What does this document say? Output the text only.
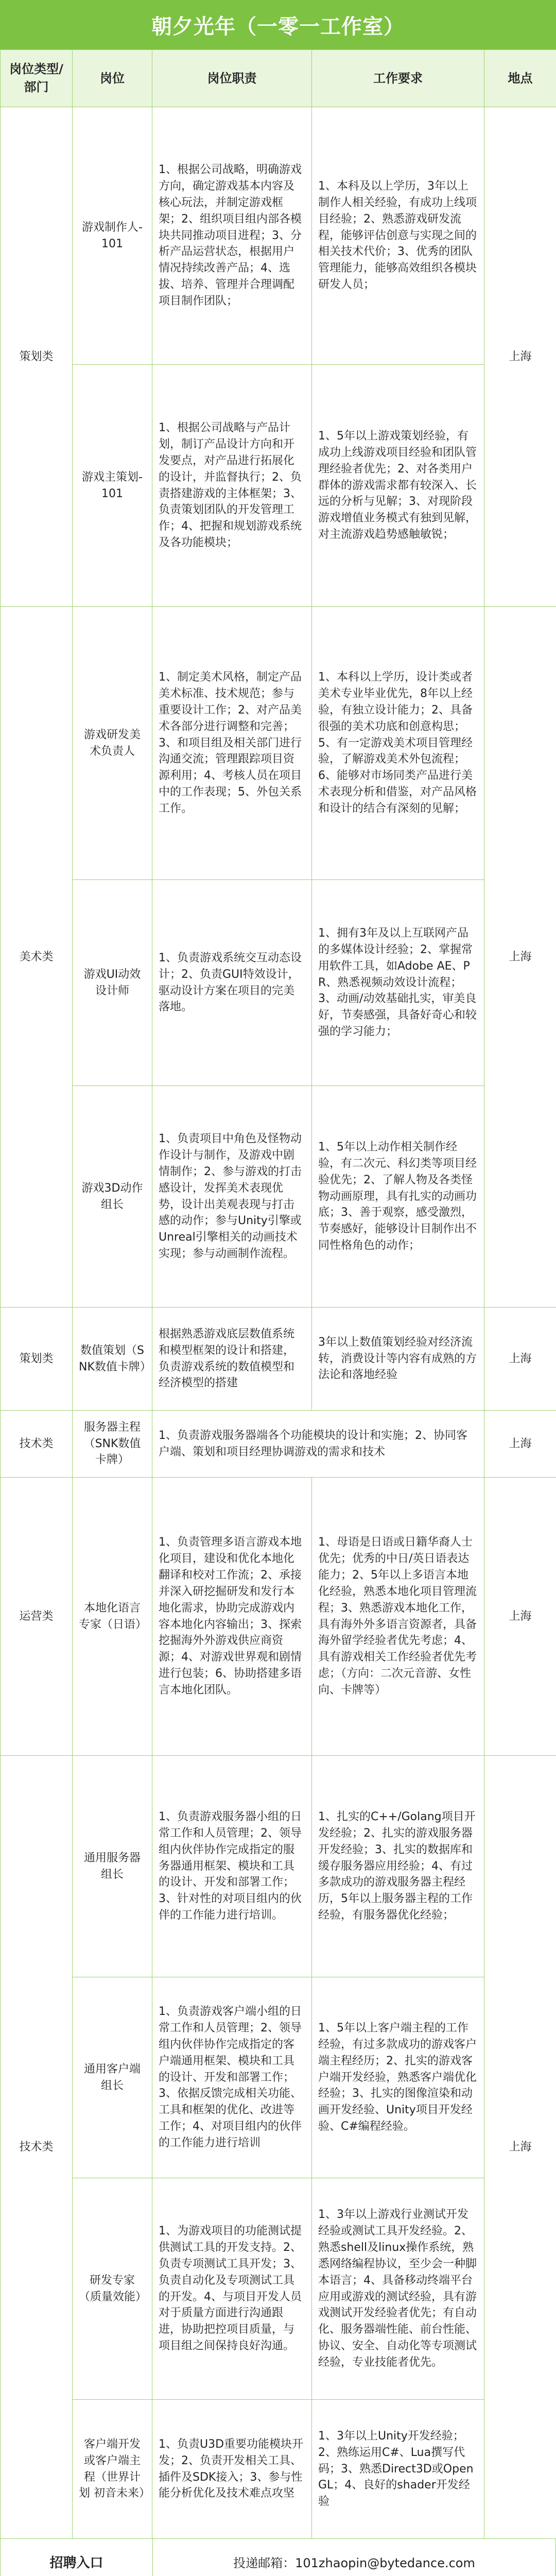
朝夕光年（一零一工作室）
岗位类型/部门	岗位	岗位职责	工作要求	地点
策划类	游戏制作人-101	1、根据公司战略，明确游戏方向，确定游戏基本内容及核心玩法，并制定游戏框架；2、组织项目组内部各模块共同推动项目进程；3、分析产品运营状态，根据用户情况持续改善产品；4、选拔、培养、管理并合理调配项目制作团队；	1、本科及以上学历，3年以上制作人相关经验，有成功上线项目经验；2、熟悉游戏研发流程，能够评估创意与实现之间的相关技术代价；3、优秀的团队管理能力，能够高效组织各模块研发人员；	上海
	游戏主策划-101	1、根据公司战略与产品计划，制订产品设计方向和开发要点，对产品进行拓展化的设计，并监督执行；2、负责搭建游戏的主体框架；3、负责策划团队的开发管理工作；4、把握和规划游戏系统及各功能模块；	1、5年以上游戏策划经验，有成功上线游戏项目经验和团队管理经验者优先；2、对各类用户群体的游戏需求都有较深入、长远的分析与见解；3、对现阶段游戏增值业务模式有独到见解，对主流游戏趋势感触敏锐；	
美术类	游戏研发美术负责人	1、制定美术风格，制定产品美术标准、技术规范；参与重要设计工作；2、对产品美术各部分进行调整和完善；3、和项目组及相关部门进行沟通交流；管理跟踪项目资源利用；4、考核人员在项目中的工作表现；5、外包关系工作。	1、本科以上学历，设计类或者美术专业毕业优先，8年以上经验，有独立设计能力；2、具备很强的美术功底和创意构思；5、有一定游戏美术项目管理经验，了解游戏美术外包流程；6、能够对市场同类产品进行美术表现分析和借鉴，对产品风格和设计的结合有深刻的见解；	上海
	游戏UI动效设计师	1、负责游戏系统交互动态设计；2、负责GUI特效设计，驱动设计方案在项目的完美落地。	1、拥有3年及以上互联网产品的多媒体设计经验；2、掌握常用软件工具，如Adobe AE、PR、熟悉视频动效设计流程；3、动画/动效基础扎实，审美良好，节奏感强，具备好奇心和较强的学习能力；	
	游戏3D动作组长	1、负责项目中角色及怪物动作设计与制作，及游戏中剧情制作；2、参与游戏的打击感设计，发挥美术表现优势，设计出美观表现与打击感的动作；参与Unity引擎或Unreal引擎相关的动画技术实现；参与动画制作流程。	1、5年以上动作相关制作经验，有二次元、科幻类等项目经验优先；2、了解人物及各类怪物动画原理，具有扎实的动画功底；3、善于观察，感受激烈，节奏感好，能够设计目制作出不同性格角色的动作；	
策划类	数值策划（SNK数值卡牌）	根据熟悉游戏底层数值系统和模型框架的设计和搭建，负责游戏系统的数值模型和经济模型的搭建	3年以上数值策划经验对经济流转，消费设计等内容有成熟的方法论和落地经验	上海
技术类	服务器主程（SNK数值卡牌）	1、负责游戏服务器端各个功能模块的设计和实施；2、协同客户端、策划和项目经理协调游戏的需求和技术		上海
运营类	本地化语言专家（日语）	1、负责管理多语言游戏本地化项目，建设和优化本地化翻译和校对工作流；2、承接并深入研挖掘研发和发行本地化需求，协助完成游戏内容本地化内容输出；3、探索挖掘海外外游戏供应商资源；4、对游戏世界观和剧情进行包装；6、协助搭建多语言本地化团队。	1、母语是日语或日籍华裔人士优先；优秀的中日/英日语表达能力；2、5年以上多语言本地化经验，熟悉本地化项目管理流程；3、熟悉游戏本地化工作，具有海外外多语言资源者，具备海外留学经验者优先考虑；4、具有游戏相关工作经验者优先考虑；（方向：二次元音游、女性向、卡牌等）	上海
技术类	通用服务器组长	1、负责游戏服务器小组的日常工作和人员管理；2、领导组内伙伴协作完成指定的服务器通用框架、模块和工具的设计、开发和部署工作；3、针对性的对项目组内的伙伴的工作能力进行培训。	1、扎实的C++/Golang项目开发经验；2、扎实的游戏服务器开发经验；3、扎实的数据库和缓存服务器应用经验；4、有过多款成功的游戏服务器主程经历，5年以上服务器主程的工作经验，有服务器优化经验；	上海
	通用客户端组长	1、负责游戏客户端小组的日常工作和人员管理；2、领导组内伙伴协作完成指定的客户端通用框架、模块和工具的设计、开发和部署工作；3、依据反馈完成相关功能、工具和框架的优化、改进等工作；4、对项目组内的伙伴的工作能力进行培训	1、5年以上客户端主程的工作经验，有过多款成功的游戏客户端主程经历；2、扎实的游戏客户端开发经验，熟悉客户端优化经验；3、扎实的图像渲染和动画开发经验、Unity项目开发经验、C#编程经验。	
	研发专家（质量效能）	1、为游戏项目的功能测试提供测试工具的开发支持。2、负责专项测试工具开发；3、负责自动化及专项测试工具的开发。4、与项目开发人员对于质量方面进行沟通跟进，协助把控项目质量，与项目组之间保持良好沟通。	1、3年以上游戏行业测试开发经验或测试工具开发经验。2、熟悉shell及linux操作系统，熟悉网络编程协议，至少会一种脚本语言；4、具备移动终端平台应用或游戏的测试经验，具有游戏测试开发经验者优先；有自动化、服务器端性能、前台性能、协议、安全、自动化等专项测试经验，专业技能者优先。	
	客户端开发或客户端主程（世界计划 初音未来）	1、负责U3D重要功能模块开发；2、负责开发相关工具、插件及SDK接入；3、参与性能分析优化及技术难点攻坚	1、3年以上Unity开发经验；2、熟练运用C#、Lua撰写代码；3、熟悉Direct3D或OpenGL；4、良好的shader开发经验	
招聘入口	投递邮箱：101zhaopin@bytedance.com
